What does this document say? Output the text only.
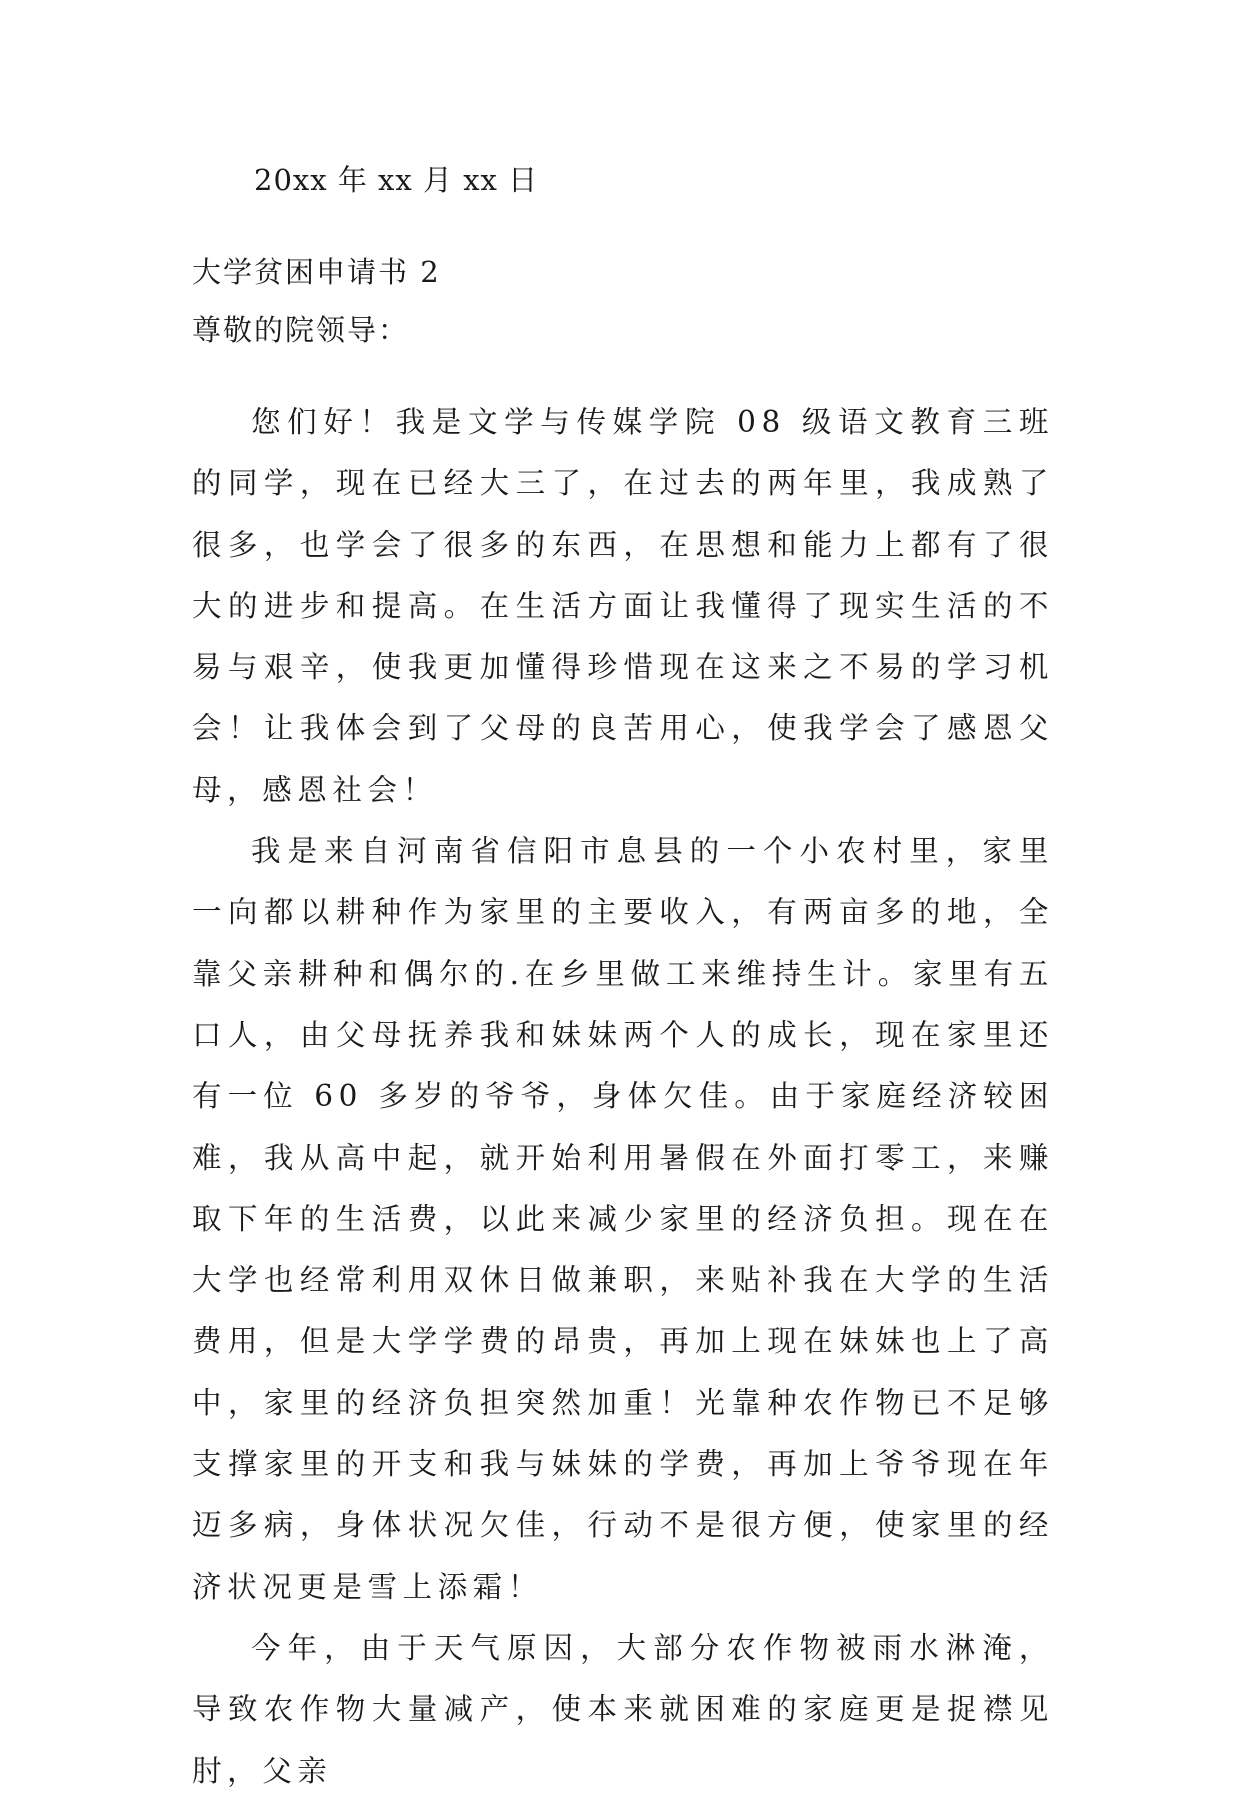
20xx 年 xx 月 xx 日
大学贫困申请书 2
尊敬的院领导：

您们好！我是文学与传媒学院 08 级语文教育三班的同学，现在已经大三了，在过去的两年里，我成熟了很多，也学会了很多的东西，在思想和能力上都有了很大的进步和提高。在生活方面让我懂得了现实生活的不易与艰辛，使我更加懂得珍惜现在这来之不易的学习机会！让我体会到了父母的良苦用心，使我学会了感恩父母，感恩社会！

我是来自河南省信阳市息县的一个小农村里，家里一向都以耕种作为家里的主要收入，有两亩多的地，全靠父亲耕种和偶尔的.在乡里做工来维持生计。家里有五口人，由父母抚养我和妹妹两个人的成长，现在家里还有一位 60 多岁的爷爷，身体欠佳。由于家庭经济较困难，我从高中起，就开始利用暑假在外面打零工，来赚取下年的生活费，以此来减少家里的经济负担。现在在大学也经常利用双休日做兼职，来贴补我在大学的生活费用，但是大学学费的昂贵，再加上现在妹妹也上了高中，家里的经济负担突然加重！光靠种农作物已不足够支撑家里的开支和我与妹妹的学费，再加上爷爷现在年迈多病，身体状况欠佳，行动不是很方便，使家里的经济状况更是雪上添霜！

今年，由于天气原因，大部分农作物被雨水淋淹，导致农作物大量减产，使本来就困难的家庭更是捉襟见肘，父亲
